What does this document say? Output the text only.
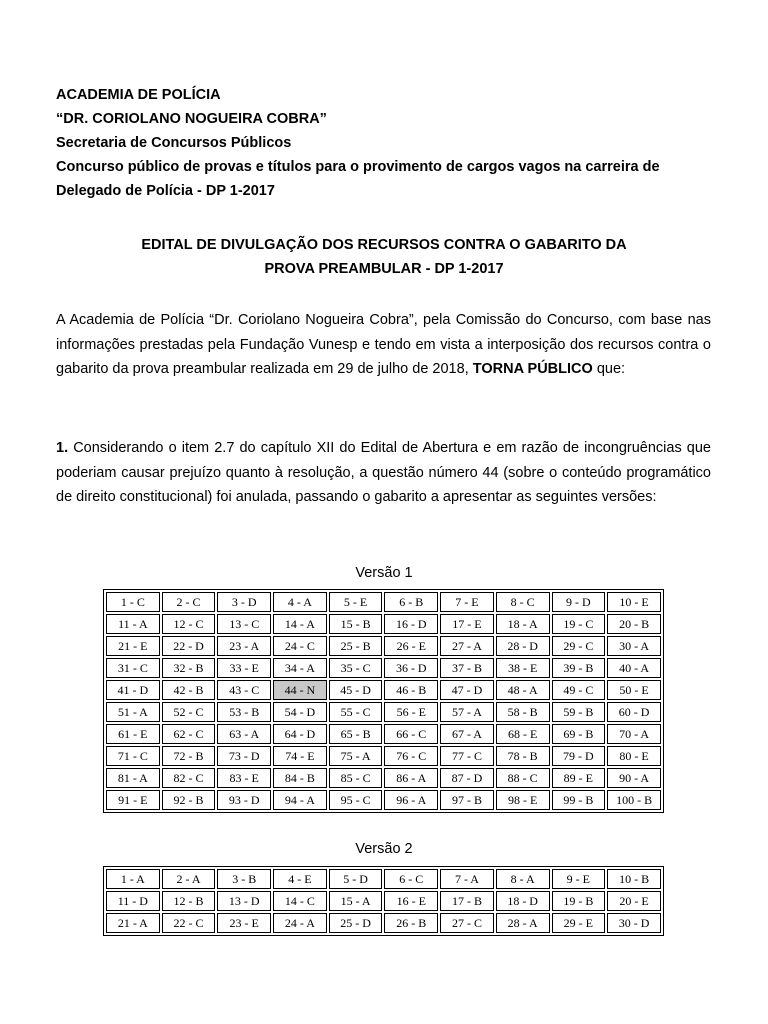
ACADEMIA DE POLÍCIA

“DR. CORIOLANO NOGUEIRA COBRA”

Secretaria de Concursos Públicos

Concurso público de provas e títulos para o provimento de cargos vagos na carreira de Delegado de Polícia - DP 1-2017

EDITAL DE DIVULGAÇÃO DOS RECURSOS CONTRA O GABARITO DA

PROVA PREAMBULAR - DP 1-2017

A Academia de Polícia “Dr. Coriolano Nogueira Cobra”, pela Comissão do Concurso, com base nas informações prestadas pela Fundação Vunesp e tendo em vista a interposição dos recursos contra o gabarito da prova preambular realizada em 29 de julho de 2018, TORNA PÚBLICO que:

1. Considerando o item 2.7 do capítulo XII do Edital de Abertura e em razão de incongruências que poderiam causar prejuízo quanto à resolução, a questão número 44 (sobre o conteúdo programático de direito constitucional) foi anulada, passando o gabarito a apresentar as seguintes versões:

Versão 1
1 - C	2 - C	3 - D	4 - A	5 - E	6 - B	7 - E	8 - C	9 - D	10 - E
11 - A	12 - C	13 - C	14 - A	15 - B	16 - D	17 - E	18 - A	19 - C	20 - B
21 - E	22 - D	23 - A	24 - C	25 - B	26 - E	27 - A	28 - D	29 - C	30 - A
31 - C	32 - B	33 - E	34 - A	35 - C	36 - D	37 - B	38 - E	39 - B	40 - A
41 - D	42 - B	43 - C	44 - N	45 - D	46 - B	47 - D	48 - A	49 - C	50 - E
51 - A	52 - C	53 - B	54 - D	55 - C	56 - E	57 - A	58 - B	59 - B	60 - D
61 - E	62 - C	63 - A	64 - D	65 - B	66 - C	67 - A	68 - E	69 - B	70 - A
71 - C	72 - B	73 - D	74 - E	75 - A	76 - C	77 - C	78 - B	79 - D	80 - E
81 - A	82 - C	83 - E	84 - B	85 - C	86 - A	87 - D	88 - C	89 - E	90 - A
91 - E	92 - B	93 - D	94 - A	95 - C	96 - A	97 - B	98 - E	99 - B	100 - B
Versão 2
1 - A	2 - A	3 - B	4 - E	5 - D	6 - C	7 - A	8 - A	9 - E	10 - B
11 - D	12 - B	13 - D	14 - C	15 - A	16 - E	17 - B	18 - D	19 - B	20 - E
21 - A	22 - C	23 - E	24 - A	25 - D	26 - B	27 - C	28 - A	29 - E	30 - D
